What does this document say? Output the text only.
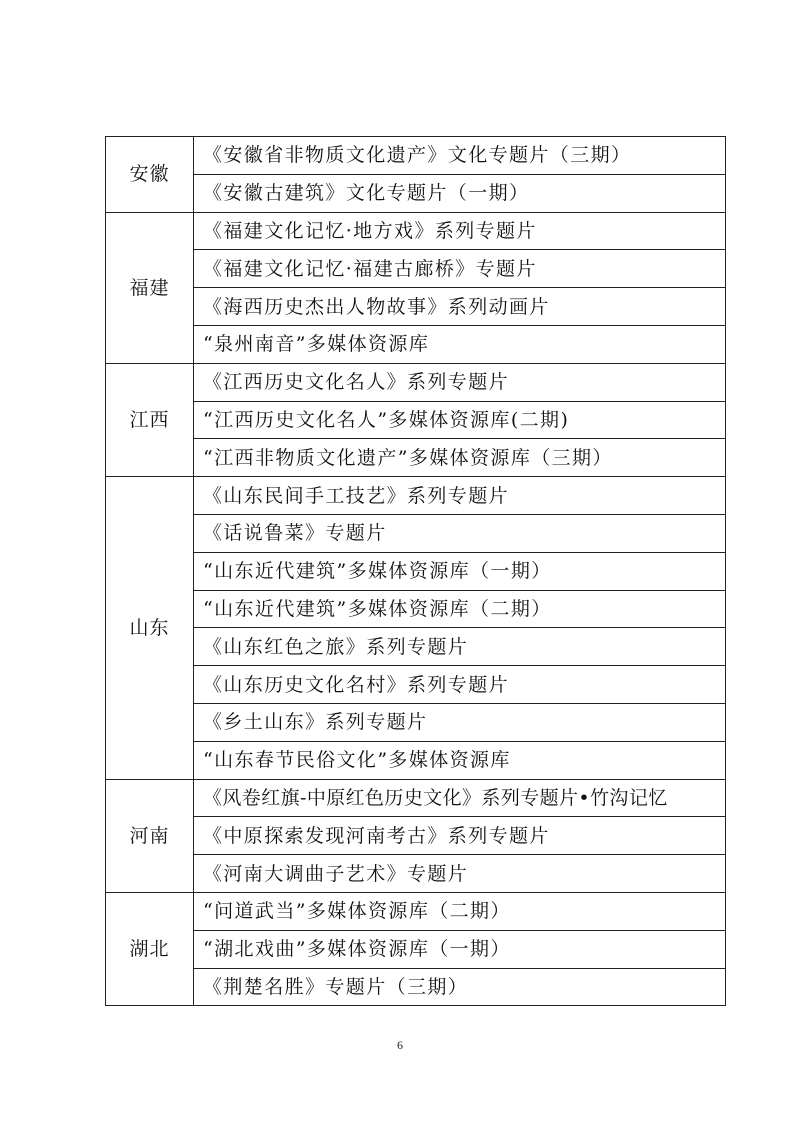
安徽	《安徽省非物质文化遗产》文化专题片（三期）
	《安徽古建筑》文化专题片（一期）
福建	《福建文化记忆·地方戏》系列专题片
	《福建文化记忆·福建古廊桥》专题片
	《海西历史杰出人物故事》系列动画片
	“泉州南音”多媒体资源库
江西	《江西历史文化名人》系列专题片
	“江西历史文化名人”多媒体资源库(二期)
	“江西非物质文化遗产”多媒体资源库（三期）
山东	《山东民间手工技艺》系列专题片
	《话说鲁菜》专题片
	“山东近代建筑”多媒体资源库（一期）
	“山东近代建筑”多媒体资源库（二期）
	《山东红色之旅》系列专题片
	《山东历史文化名村》系列专题片
	《乡土山东》系列专题片
	“山东春节民俗文化”多媒体资源库
河南	《风卷红旗-中原红色历史文化》系列专题片•竹沟记忆
	《中原探索发现河南考古》系列专题片
	《河南大调曲子艺术》专题片
湖北	“问道武当”多媒体资源库（二期）
	“湖北戏曲”多媒体资源库（一期）
	《荆楚名胜》专题片（三期）
6
